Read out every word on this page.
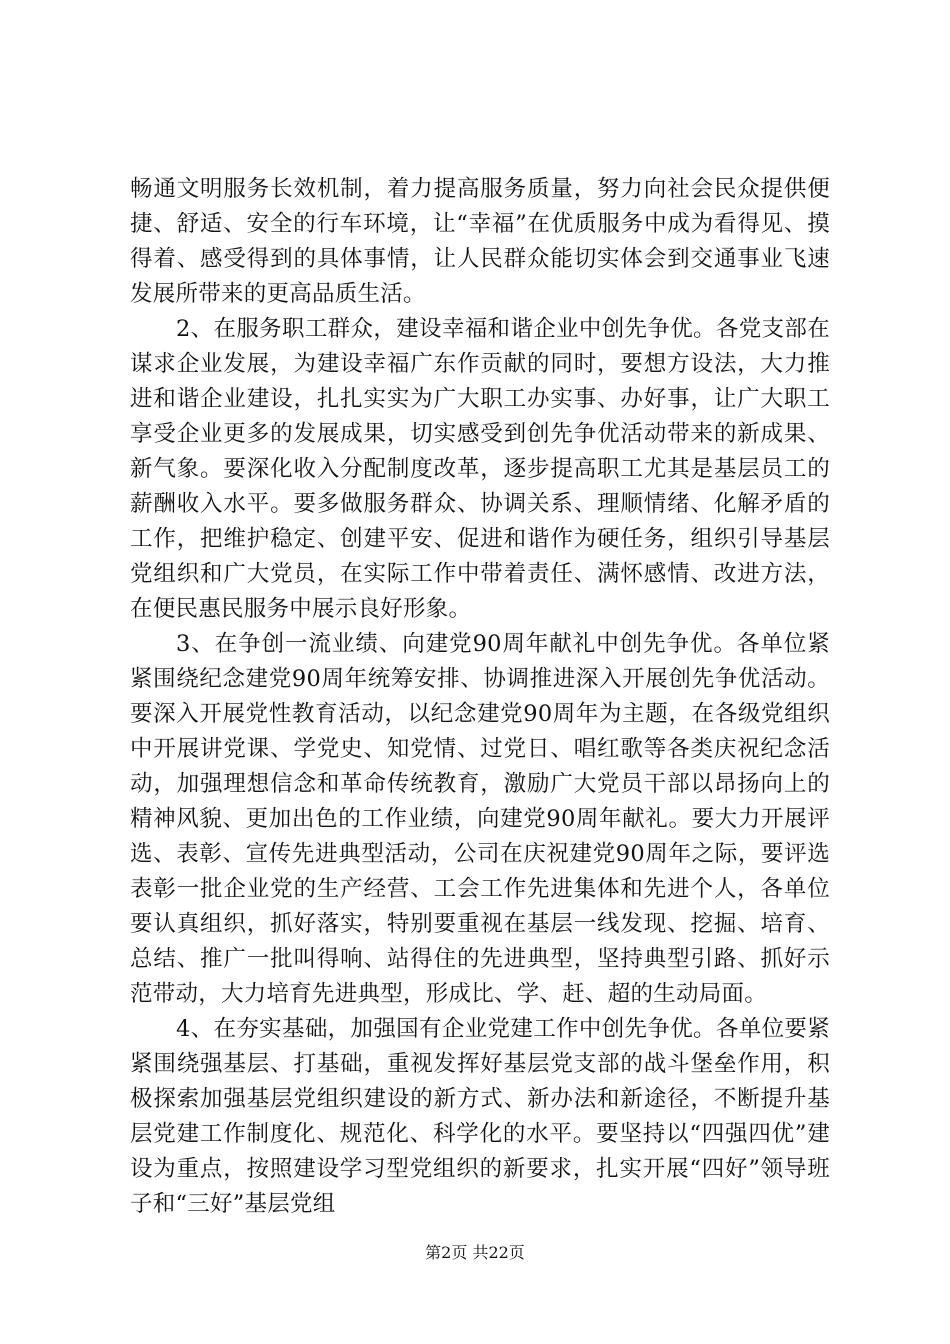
畅通文明服务长效机制，着力提高服务质量，努力向社会民众提供便捷、舒适、安全的行车环境，让“幸福”在优质服务中成为看得见、摸得着、感受得到的具体事情，让人民群众能切实体会到交通事业飞速发展所带来的更高品质生活。

2、在服务职工群众，建设幸福和谐企业中创先争优。各党支部在谋求企业发展，为建设幸福广东作贡献的同时，要想方设法，大力推进和谐企业建设，扎扎实实为广大职工办实事、办好事，让广大职工享受企业更多的发展成果，切实感受到创先争优活动带来的新成果、新气象。要深化收入分配制度改革，逐步提高职工尤其是基层员工的薪酬收入水平。要多做服务群众、协调关系、理顺情绪、化解矛盾的工作，把维护稳定、创建平安、促进和谐作为硬任务，组织引导基层党组织和广大党员，在实际工作中带着责任、满怀感情、改进方法，在便民惠民服务中展示良好形象。

3、在争创一流业绩、向建党90周年献礼中创先争优。各单位紧紧围绕纪念建党90周年统筹安排、协调推进深入开展创先争优活动。要深入开展党性教育活动，以纪念建党90周年为主题，在各级党组织中开展讲党课、学党史、知党情、过党日、唱红歌等各类庆祝纪念活动，加强理想信念和革命传统教育，激励广大党员干部以昂扬向上的精神风貌、更加出色的工作业绩，向建党90周年献礼。要大力开展评选、表彰、宣传先进典型活动，公司在庆祝建党90周年之际，要评选表彰一批企业党的生产经营、工会工作先进集体和先进个人，各单位要认真组织，抓好落实，特别要重视在基层一线发现、挖掘、培育、总结、推广一批叫得响、站得住的先进典型，坚持典型引路、抓好示范带动，大力培育先进典型，形成比、学、赶、超的生动局面。

4、在夯实基础，加强国有企业党建工作中创先争优。各单位要紧紧围绕强基层、打基础，重视发挥好基层党支部的战斗堡垒作用，积极探索加强基层党组织建设的新方式、新办法和新途径，不断提升基层党建工作制度化、规范化、科学化的水平。要坚持以“四强四优”建设为重点，按照建设学习型党组织的新要求，扎实开展“四好”领导班子和“三好”基层党组

第2页 共22页
